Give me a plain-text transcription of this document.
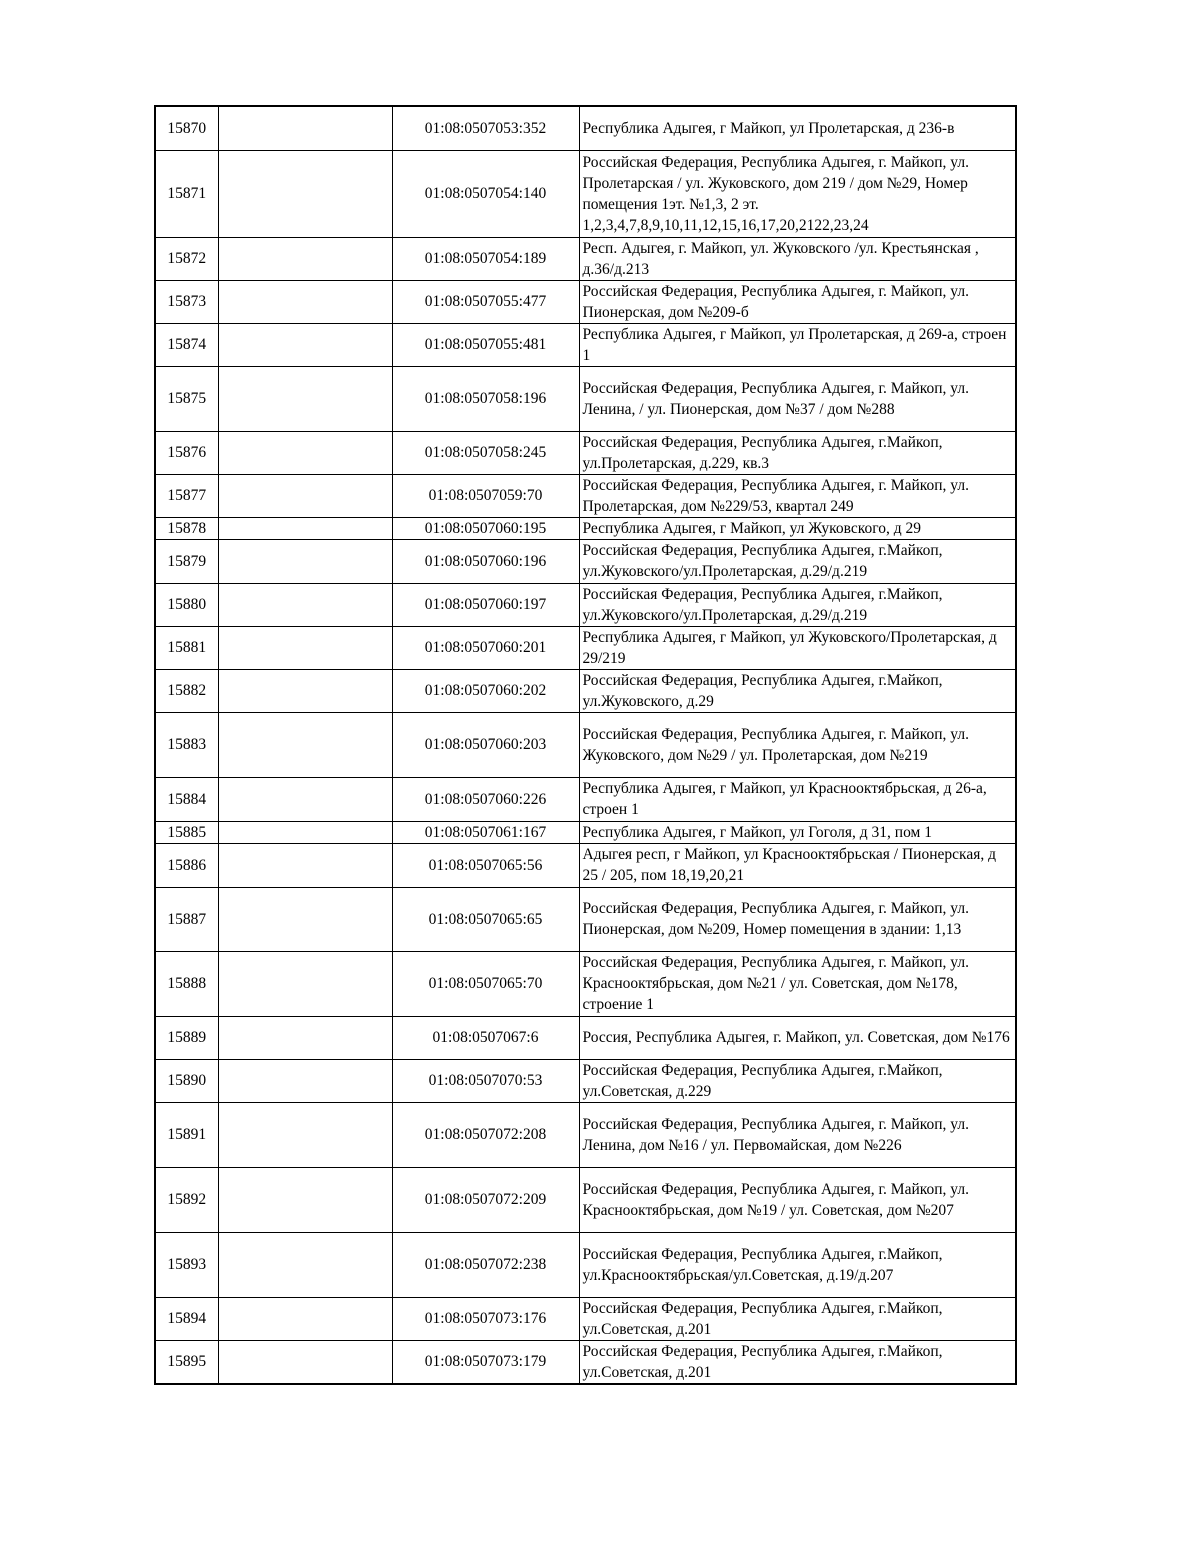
15870		01:08:0507053:352	Республика Адыгея, г Майкоп, ул Пролетарская, д 236-в
15871		01:08:0507054:140	Российская Федерация, Республика Адыгея, г. Майкоп, ул. Пролетарская / ул. Жуковского, дом 219 / дом №29, Номер помещения 1эт. №1,3, 2 эт. 1,2,3,4,7,8,9,10,11,12,15,16,17,20,2122,23,24
15872		01:08:0507054:189	Респ. Адыгея, г. Майкоп, ул. Жуковского /ул. Крестьянская , д.36/д.213
15873		01:08:0507055:477	Российская Федерация, Республика Адыгея, г. Майкоп, ул. Пионерская, дом №209-б
15874		01:08:0507055:481	Республика Адыгея, г Майкоп, ул Пролетарская, д 269-а, строен 1
15875		01:08:0507058:196	Российская Федерация, Республика Адыгея, г. Майкоп, ул. Ленина, / ул. Пионерская, дом №37 / дом №288
15876		01:08:0507058:245	Российская Федерация, Республика Адыгея, г.Майкоп, ул.Пролетарская, д.229, кв.3
15877		01:08:0507059:70	Российская Федерация, Республика Адыгея, г. Майкоп, ул. Пролетарская, дом №229/53, квартал 249
15878		01:08:0507060:195	Республика Адыгея, г Майкоп, ул Жуковского, д 29
15879		01:08:0507060:196	Российская Федерация, Республика Адыгея, г.Майкоп, ул.Жуковского/ул.Пролетарская, д.29/д.219
15880		01:08:0507060:197	Российская Федерация, Республика Адыгея, г.Майкоп, ул.Жуковского/ул.Пролетарская, д.29/д.219
15881		01:08:0507060:201	Республика Адыгея, г Майкоп, ул Жуковского/Пролетарская, д 29/219
15882		01:08:0507060:202	Российская Федерация, Республика Адыгея, г.Майкоп, ул.Жуковского, д.29
15883		01:08:0507060:203	Российская Федерация, Республика Адыгея, г. Майкоп, ул. Жуковского, дом №29 / ул. Пролетарская, дом №219
15884		01:08:0507060:226	Республика Адыгея, г Майкоп, ул Краснооктябрьская, д 26-а, строен 1
15885		01:08:0507061:167	Республика Адыгея, г Майкоп, ул Гоголя, д 31, пом 1
15886		01:08:0507065:56	Адыгея респ, г Майкоп, ул Краснооктябрьская / Пионерская, д 25 / 205, пом 18,19,20,21
15887		01:08:0507065:65	Российская Федерация, Республика Адыгея, г. Майкоп, ул. Пионерская, дом №209, Номер помещения в здании: 1,13
15888		01:08:0507065:70	Российская Федерация, Республика Адыгея, г. Майкоп, ул. Краснооктябрьская, дом №21 / ул. Советская, дом №178, строение 1
15889		01:08:0507067:6	Россия, Республика Адыгея, г. Майкоп, ул. Советская, дом №176
15890		01:08:0507070:53	Российская Федерация, Республика Адыгея, г.Майкоп, ул.Советская, д.229
15891		01:08:0507072:208	Российская Федерация, Республика Адыгея, г. Майкоп, ул. Ленина, дом №16 / ул. Первомайская, дом №226
15892		01:08:0507072:209	Российская Федерация, Республика Адыгея, г. Майкоп, ул. Краснооктябрьская, дом №19 / ул. Советская, дом №207
15893		01:08:0507072:238	Российская Федерация, Республика Адыгея, г.Майкоп, ул.Краснооктябрьская/ул.Советская, д.19/д.207
15894		01:08:0507073:176	Российская Федерация, Республика Адыгея, г.Майкоп, ул.Советская, д.201
15895		01:08:0507073:179	Российская Федерация, Республика Адыгея, г.Майкоп, ул.Советская, д.201
